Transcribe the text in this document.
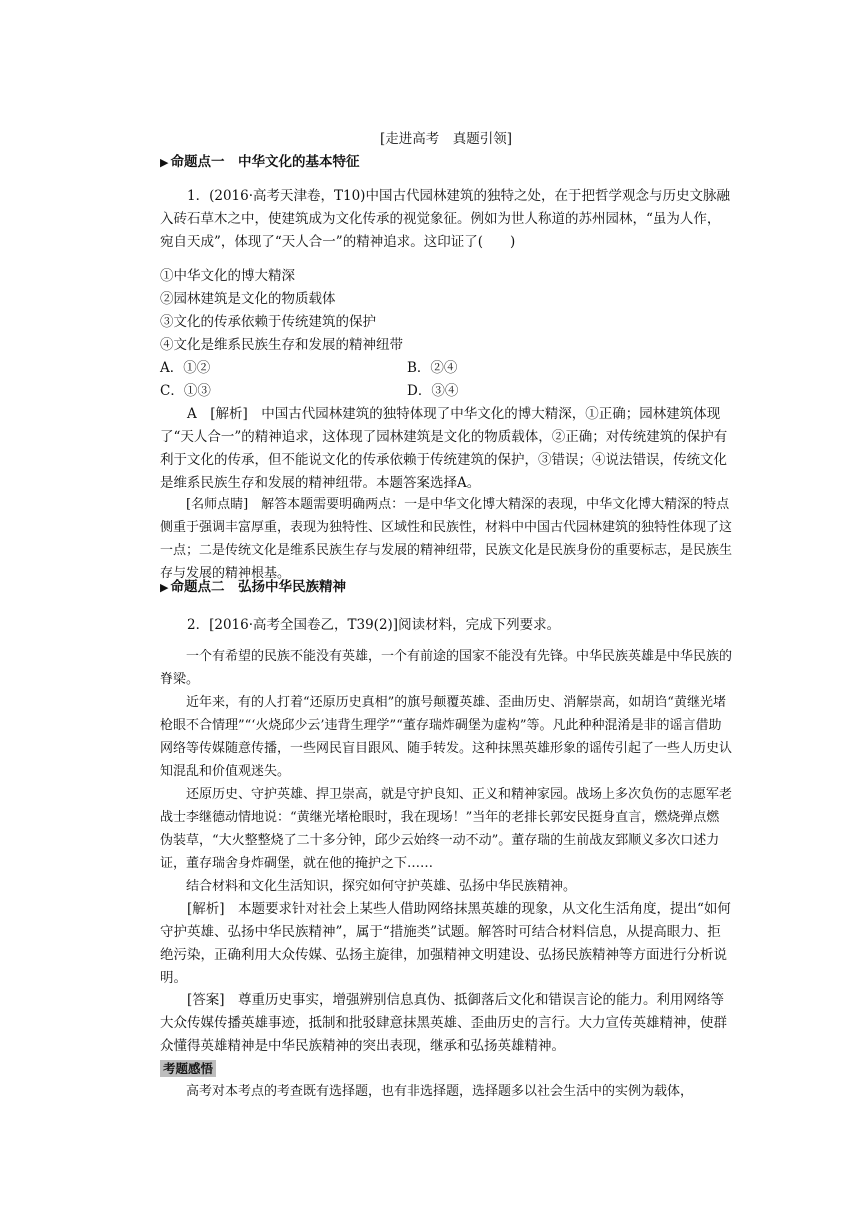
[走进高考　真题引领]

▶ 命题点一　中华文化的基本特征

1．(2016·高考天津卷，T10)中国古代园林建筑的独特之处，在于把哲学观念与历史文脉融入砖石草木之中，使建筑成为文化传承的视觉象征。例如为世人称道的苏州园林，“虽为人作，宛自天成”，体现了“天人合一”的精神追求。这印证了(　　)

①中华文化的博大精深

②园林建筑是文化的物质载体

③文化的传承依赖于传统建筑的保护

④文化是维系民族生存和发展的精神纽带

A．①②	B．②④
C．①③	D．③④

A　[解析]　中国古代园林建筑的独特体现了中华文化的博大精深，①正确；园林建筑体现了“天人合一”的精神追求，这体现了园林建筑是文化的物质载体，②正确；对传统建筑的保护有利于文化的传承，但不能说文化的传承依赖于传统建筑的保护，③错误；④说法错误，传统文化是维系民族生存和发展的精神纽带。本题答案选择A。

[名师点睛]　解答本题需要明确两点：一是中华文化博大精深的表现，中华文化博大精深的特点侧重于强调丰富厚重，表现为独特性、区域性和民族性，材料中中国古代园林建筑的独特性体现了这一点；二是传统文化是维系民族生存与发展的精神纽带，民族文化是民族身份的重要标志，是民族生存与发展的精神根基。

▶ 命题点二　弘扬中华民族精神

2．[2016·高考全国卷乙，T39(2)]阅读材料，完成下列要求。

一个有希望的民族不能没有英雄，一个有前途的国家不能没有先锋。中华民族英雄是中华民族的脊梁。

近年来，有的人打着“还原历史真相”的旗号颠覆英雄、歪曲历史、消解崇高，如胡诌“黄继光堵枪眼不合情理”“‘火烧邱少云’违背生理学”“董存瑞炸碉堡为虚构”等。凡此种种混淆是非的谣言借助网络等传媒随意传播，一些网民盲目跟风、随手转发。这种抹黑英雄形象的谣传引起了一些人历史认知混乱和价值观迷失。

还原历史、守护英雄、捍卫崇高，就是守护良知、正义和精神家园。战场上多次负伤的志愿军老战士李继德动情地说：“黄继光堵枪眼时，我在现场！”当年的老排长郭安民挺身直言，燃烧弹点燃伪装草，“大火整整烧了二十多分钟，邱少云始终一动不动”。董存瑞的生前战友郅顺义多次口述力证，董存瑞舍身炸碉堡，就在他的掩护之下……

结合材料和文化生活知识，探究如何守护英雄、弘扬中华民族精神。

[解析]　本题要求针对社会上某些人借助网络抹黑英雄的现象，从文化生活角度，提出“如何守护英雄、弘扬中华民族精神”，属于“措施类”试题。解答时可结合材料信息，从提高眼力、拒绝污染，正确利用大众传媒、弘扬主旋律，加强精神文明建设、弘扬民族精神等方面进行分析说明。

[答案]　尊重历史事实，增强辨别信息真伪、抵御落后文化和错误言论的能力。利用网络等大众传媒传播英雄事迹，抵制和批驳肆意抹黑英雄、歪曲历史的言行。大力宣传英雄精神，使群众懂得英雄精神是中华民族精神的突出表现，继承和弘扬英雄精神。

考题感悟

高考对本考点的考查既有选择题，也有非选择题，选择题多以社会生活中的实例为载体，
